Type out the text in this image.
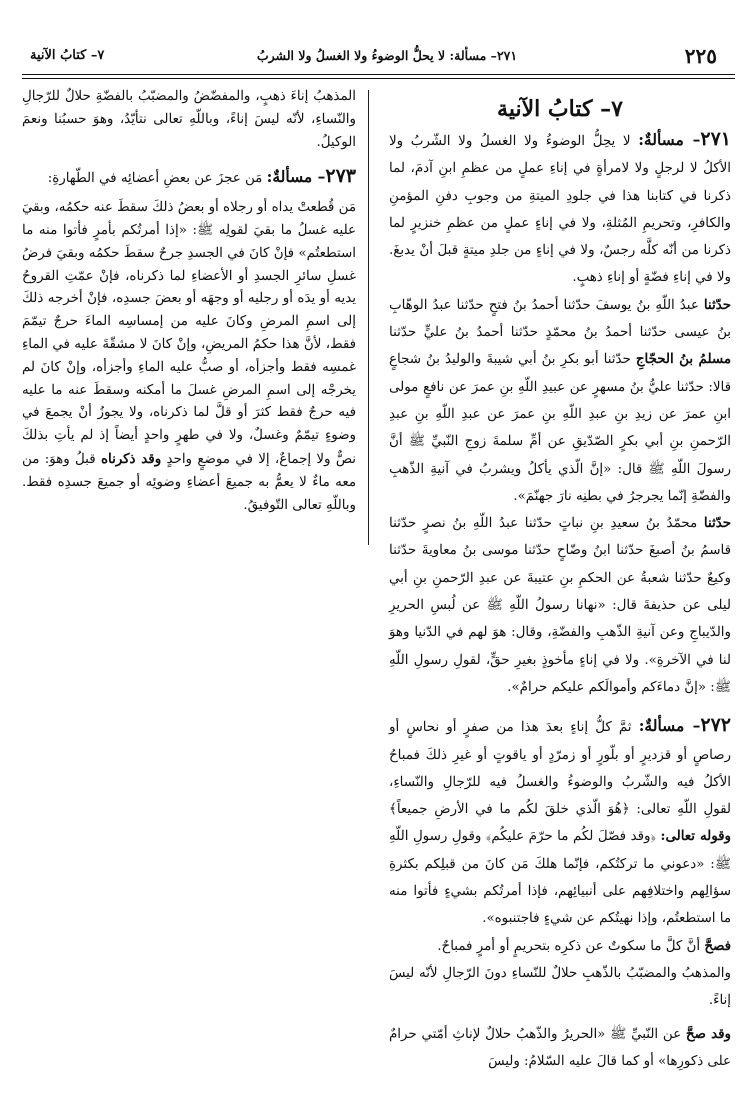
٢٢٥
٢٧١– مسألة: لا يحلُّ الوضوءُ ولا الغسلُ ولا الشربُ
٧– كتابُ الآنية

٧– كتابُ الآنية

٢٧١– مسألةٌ: لا يحِلُّ الوضوءُ ولا الغسلُ ولا الشّربُ ولا الأكلُ لا لرجلٍ ولا لامرأةٍ في إناءِ عملٍ من عظمِ ابنِ آدمَ، لما ذكرنا في كتابنا هذا في جلودِ الميتةِ من وجوبِ دفنِ المؤمنِ والكافرِ، وتحريمِ المُثلةِ، ولا في إناءٍ عملٍ من عظمِ خنزيرٍ لما ذكرنا من أنّه كلَّه رجسٌ، ولا في إناءٍ من جلدِ ميتةٍ قبلَ أنْ يدبغَ. ولا في إناءِ فضّةٍ أو إناءِ ذهبٍ.

حدّثنا عبدُ اللّهِ بنُ يوسفَ حدّثنا أحمدُ بنُ فتحٍ حدّثنا عبدُ الوهّابِ بنُ عيسى حدّثنا أحمدُ بنُ محمّدٍ حدّثنا أحمدُ بنُ عليٍّ حدّثنا مسلمُ بنُ الحجّاجِ حدّثنا أبو بكرِ بنُ أبي شيبةَ والوليدُ بنُ شجاعٍ قالا: حدّثنا عليُّ بنُ مسهرٍ عن عبيدِ اللّهِ بنِ عمرَ عن نافعٍ مولى ابنِ عمرَ عن زيدِ بنِ عبدِ اللّهِ بنِ عمرَ عن عبدِ اللّهِ بنِ عبدِ الرّحمنِ بنِ أبي بكرٍ الصّدّيقِ عن أمِّ سلمةَ زوجِ النّبيِّ ﷺ أنَّ رسولَ اللّهِ ﷺ قال: «إنَّ الّذي يأكلُ ويشربُ في آنيةِ الذّهبِ والفضّةِ إنّما يجرجرُ في بطنِه نارَ جهنّمَ».

حدّثنا محمّدُ بنُ سعيدِ بنِ نباتٍ حدّثنا عبدُ اللّهِ بنُ نصرٍ حدّثنا قاسمُ بنُ أصبغَ حدّثنا ابنُ وضّاحٍ حدّثنا موسى بنُ معاويةَ حدّثنا وكيعٌ حدّثنا شعبةُ عن الحكمِ بنِ عتيبةَ عن عبدِ الرّحمنِ بنِ أبي ليلى عن حذيفةَ قال: «نهانا رسولُ اللّهِ ﷺ عن لُبسِ الحريرِ والدّيباجِ وعن آنيةِ الذّهبِ والفضّةِ، وقال: هوَ لهم في الدّنيا وهوَ لنا في الآخرةِ». ولا في إناءٍ مأخوذٍ بغيرِ حقٍّ، لقولِ رسولِ اللّهِ ﷺ: «إنَّ دماءَكم وأموالَكم عليكم حرامٌ».

٢٧٢– مسألةٌ: ثمَّ كلُّ إناءٍ بعدَ هذا من صفرٍ أو نحاسٍ أو رصاصٍ أو قزديرٍ أو بلّورٍ أو زمرّدٍ أو ياقوتٍ أو غيرِ ذلكَ فمباحُ الأكلُ فيه والشّربُ والوضوءُ والغسلُ فيه للرّجالِ والنّساءِ، لقولِ اللّهِ تعالى: ﴿هُوَ الّذي خلقَ لكُم ما في الأرضِ جميعاً﴾ وقوله تعالى: ﴿وقد فصّلَ لكُم ما حرّمَ عليكُم﴾ وقولِ رسولِ اللّهِ ﷺ: «دعوني ما تركتُكم، فإنّما هلكَ مَن كانَ من قبلِكم بكثرةِ سؤالِهم واختلافِهم على أنبيائِهم، فإذا أمرتُكم بشيءٍ فأتوا منه ما استطعتُم، وإذا نهيتُكم عن شيءٍ فاجتنبوه».

فصحَّ أنَّ كلَّ ما سكوتٌ عن ذكرِه بتحريمٍ أو أمرٍ فمباحٌ.

والمذهبُ والمضبّبُ بالذّهبِ حلالٌ للنّساءِ دونَ الرّجالِ لأنّه ليسَ إناءً.

وقد صحَّ عن النّبيِّ ﷺ «الحريرُ والذّهبُ حلالٌ لإناثِ أمّتي حرامٌ على ذكورِها» أو كما قالَ عليه السّلامُ: وليسَ

المذهبُ إناءَ ذهبٍ، والمفضّضُ والمضبّبُ بالفضّةِ حلالٌ للرّجالِ والنّساءِ، لأنّه ليسَ إناءً، وباللّهِ تعالى نتأيّدُ، وهوَ حسبُنا ونعمَ الوكيلُ.

٢٧٣– مسألةٌ: مَن عجزَ عن بعضِ أعضائِه في الطّهارةِ:

مَن قُطعتْ يداه أو رجلاه أو بعضُ ذلكَ سقطَ عنه حكمُه، وبقيَ عليه غسلُ ما بقيَ لقولِه ﷺ: «إذا أمرتُكم بأمرٍ فأتوا منه ما استطعتُم» فإنْ كانَ في الجسدِ جرحٌ سقطَ حكمُه وبقيَ فرضُ غسلِ سائرِ الجسدِ أو الأعضاءِ لما ذكرناه، فإنْ عمّتِ القروحُ يديه أو يدَه أو رجليه أو وجهَه أو بعضَ جسدِه، فإنْ أخرجه ذلكَ إلى اسمِ المرضِ وكانَ عليه من إمساسِه الماءَ حرجٌ تيمّمَ فقط، لأنَّ هذا حكمُ المريضِ، وإنْ كانَ لا مشقّةَ عليه في الماءِ غمسِه فقط وأجزأه، أو صبُّ عليه الماءِ وأجزأه، وإنْ كانَ لم يخرجْه إلى اسمِ المرضِ غسلَ ما أمكنه وسقطَ عنه ما عليه فيه حرجٌ فقط كثرَ أو قلَّ لما ذكرناه، ولا يجوزُ أنْ يجمعَ في وضوءٍ تيمّمٌ وغسلٌ، ولا في طهرٍ واحدٍ أيضاً إذ لم يأتِ بذلكَ نصٌّ ولا إجماعٌ، إلا في موضعٍ واحدٍ وقد ذكرناه قبلُ وهوَ: من معه ماءٌ لا يعمُّ به جميعَ أعضاءِ وضوئِه أو جميعَ جسدِه فقط. وباللّهِ تعالى التّوفيقُ.
